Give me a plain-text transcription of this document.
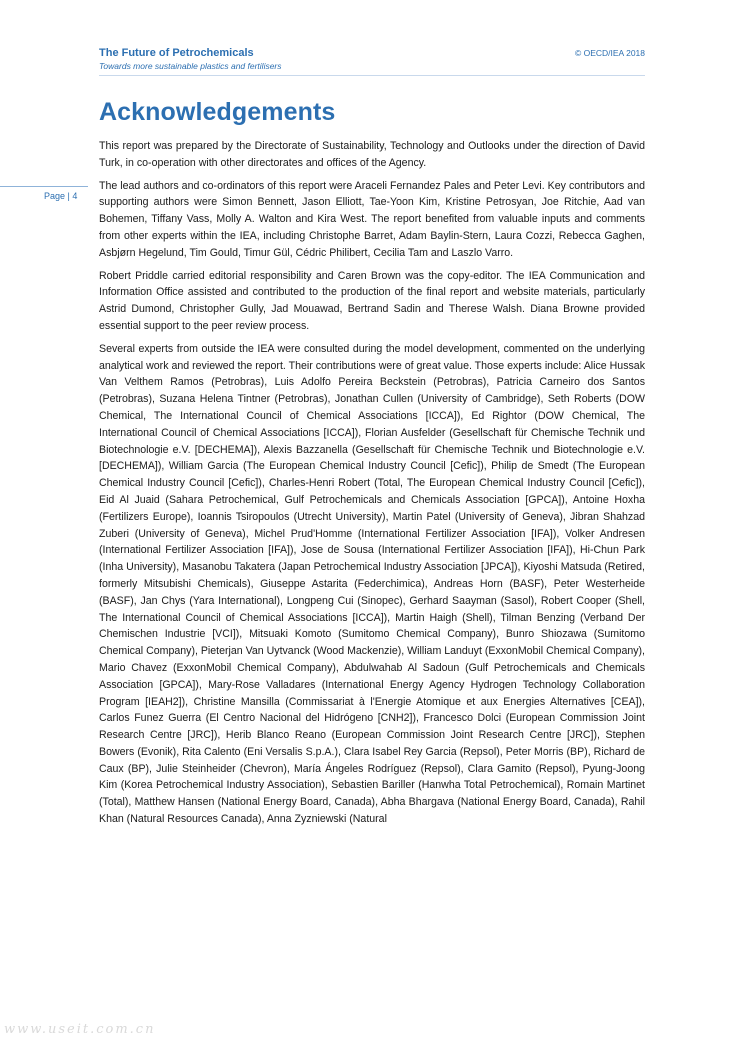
The Future of Petrochemicals
Towards more sustainable plastics and fertilisers
© OECD/IEA 2018
Acknowledgements
Page | 4

This report was prepared by the Directorate of Sustainability, Technology and Outlooks under the direction of David Turk, in co-operation with other directorates and offices of the Agency.

The lead authors and co-ordinators of this report were Araceli Fernandez Pales and Peter Levi. Key contributors and supporting authors were Simon Bennett, Jason Elliott, Tae-Yoon Kim, Kristine Petrosyan, Joe Ritchie, Aad van Bohemen, Tiffany Vass, Molly A. Walton and Kira West. The report benefited from valuable inputs and comments from other experts within the IEA, including Christophe Barret, Adam Baylin-Stern, Laura Cozzi, Rebecca Gaghen, Asbjørn Hegelund, Tim Gould, Timur Gül, Cédric Philibert, Cecilia Tam and Laszlo Varro.

Robert Priddle carried editorial responsibility and Caren Brown was the copy-editor. The IEA Communication and Information Office assisted and contributed to the production of the final report and website materials, particularly Astrid Dumond, Christopher Gully, Jad Mouawad, Bertrand Sadin and Therese Walsh. Diana Browne provided essential support to the peer review process.

Several experts from outside the IEA were consulted during the model development, commented on the underlying analytical work and reviewed the report. Their contributions were of great value. Those experts include: Alice Hussak Van Velthem Ramos (Petrobras), Luis Adolfo Pereira Beckstein (Petrobras), Patricia Carneiro dos Santos (Petrobras), Suzana Helena Tintner (Petrobras), Jonathan Cullen (University of Cambridge), Seth Roberts (DOW Chemical, The International Council of Chemical Associations [ICCA]), Ed Rightor (DOW Chemical, The International Council of Chemical Associations [ICCA]), Florian Ausfelder (Gesellschaft für Chemische Technik und Biotechnologie e.V. [DECHEMA]), Alexis Bazzanella (Gesellschaft für Chemische Technik und Biotechnologie e.V. [DECHEMA]), William Garcia (The European Chemical Industry Council [Cefic]), Philip de Smedt (The European Chemical Industry Council [Cefic]), Charles-Henri Robert (Total, The European Chemical Industry Council [Cefic]), Eid Al Juaid (Sahara Petrochemical, Gulf Petrochemicals and Chemicals Association [GPCA]), Antoine Hoxha (Fertilizers Europe), Ioannis Tsiropoulos (Utrecht University), Martin Patel (University of Geneva), Jibran Shahzad Zuberi (University of Geneva), Michel Prud'Homme (International Fertilizer Association [IFA]), Volker Andresen (International Fertilizer Association [IFA]), Jose de Sousa (International Fertilizer Association [IFA]), Hi-Chun Park (Inha University), Masanobu Takatera (Japan Petrochemical Industry Association [JPCA]), Kiyoshi Matsuda (Retired, formerly Mitsubishi Chemicals), Giuseppe Astarita (Federchimica), Andreas Horn (BASF), Peter Westerheide (BASF), Jan Chys (Yara International), Longpeng Cui (Sinopec), Gerhard Saayman (Sasol), Robert Cooper (Shell, The International Council of Chemical Associations [ICCA]), Martin Haigh (Shell), Tilman Benzing (Verband Der Chemischen Industrie [VCI]), Mitsuaki Komoto (Sumitomo Chemical Company), Bunro Shiozawa (Sumitomo Chemical Company), Pieterjan Van Uytvanck (Wood Mackenzie), William Landuyt (ExxonMobil Chemical Company), Mario Chavez (ExxonMobil Chemical Company), Abdulwahab Al Sadoun (Gulf Petrochemicals and Chemicals Association [GPCA]), Mary-Rose Valladares (International Energy Agency Hydrogen Technology Collaboration Program [IEAH2]), Christine Mansilla (Commissariat à l'Energie Atomique et aux Energies Alternatives [CEA]), Carlos Funez Guerra (El Centro Nacional del Hidrógeno [CNH2]), Francesco Dolci (European Commission Joint Research Centre [JRC]), Herib Blanco Reano (European Commission Joint Research Centre [JRC]), Stephen Bowers (Evonik), Rita Calento (Eni Versalis S.p.A.), Clara Isabel Rey Garcia (Repsol), Peter Morris (BP), Richard de Caux (BP), Julie Steinheider (Chevron), María Ángeles Rodríguez (Repsol), Clara Gamito (Repsol), Pyung-Joong Kim (Korea Petrochemical Industry Association), Sebastien Bariller (Hanwha Total Petrochemical), Romain Martinet (Total), Matthew Hansen (National Energy Board, Canada), Abha Bhargava (National Energy Board, Canada), Rahil Khan (Natural Resources Canada), Anna Zyzniewski (Natural

www.useit.com.cn
